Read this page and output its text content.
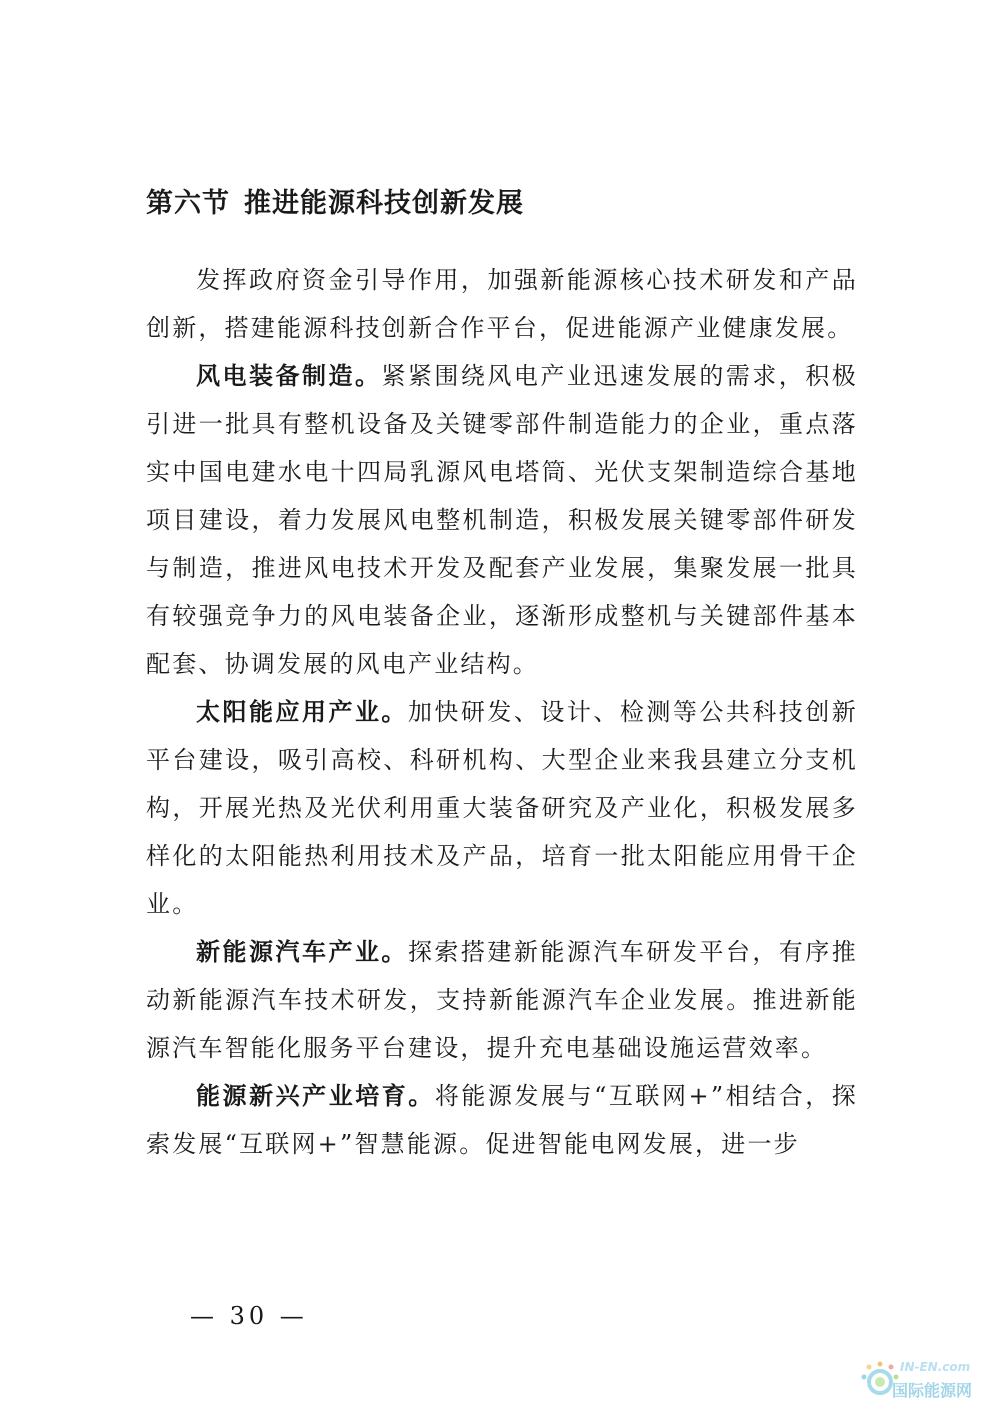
第六节 推进能源科技创新发展

发挥政府资金引导作用，加强新能源核心技术研发和产品创新，搭建能源科技创新合作平台，促进能源产业健康发展。

风电装备制造。紧紧围绕风电产业迅速发展的需求，积极引进一批具有整机设备及关键零部件制造能力的企业，重点落实中国电建水电十四局乳源风电塔筒、光伏支架制造综合基地项目建设，着力发展风电整机制造，积极发展关键零部件研发与制造，推进风电技术开发及配套产业发展，集聚发展一批具有较强竞争力的风电装备企业，逐渐形成整机与关键部件基本配套、协调发展的风电产业结构。

太阳能应用产业。加快研发、设计、检测等公共科技创新平台建设，吸引高校、科研机构、大型企业来我县建立分支机构，开展光热及光伏利用重大装备研究及产业化，积极发展多样化的太阳能热利用技术及产品，培育一批太阳能应用骨干企业。

新能源汽车产业。探索搭建新能源汽车研发平台，有序推动新能源汽车技术研发，支持新能源汽车企业发展。推进新能源汽车智能化服务平台建设，提升充电基础设施运营效率。

能源新兴产业培育。将能源发展与“互联网+”相结合，探索发展“互联网+”智慧能源。促进智能电网发展，进一步

— 30 —
IN-EN.com
国际能源网
